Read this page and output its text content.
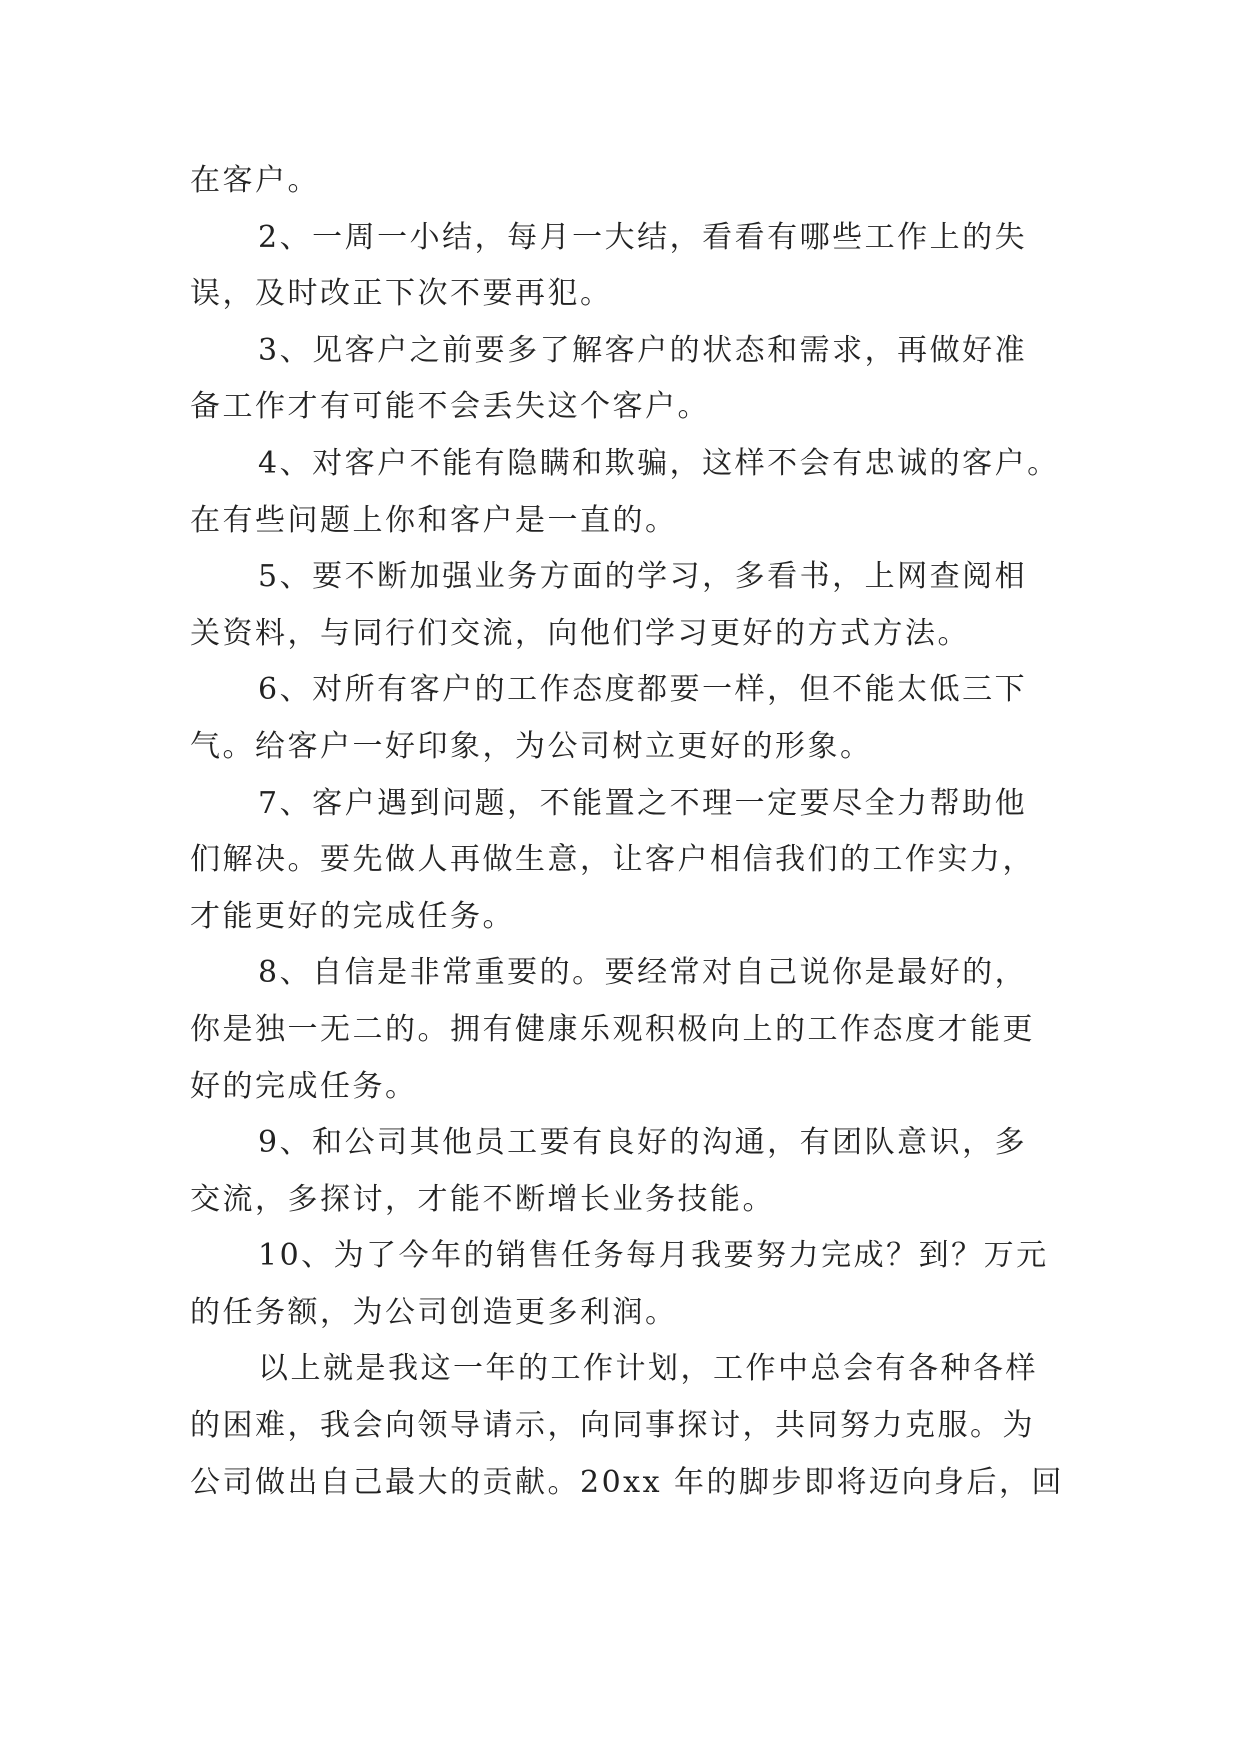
在客户。
2、一周一小结，每月一大结，看看有哪些工作上的失
误，及时改正下次不要再犯。
3、见客户之前要多了解客户的状态和需求，再做好准
备工作才有可能不会丢失这个客户。
4、对客户不能有隐瞒和欺骗，这样不会有忠诚的客户。
在有些问题上你和客户是一直的。
5、要不断加强业务方面的学习，多看书，上网查阅相
关资料，与同行们交流，向他们学习更好的方式方法。
6、对所有客户的工作态度都要一样，但不能太低三下
气。给客户一好印象，为公司树立更好的形象。
7、客户遇到问题，不能置之不理一定要尽全力帮助他
们解决。要先做人再做生意，让客户相信我们的工作实力，
才能更好的完成任务。
8、自信是非常重要的。要经常对自己说你是最好的，
你是独一无二的。拥有健康乐观积极向上的工作态度才能更
好的完成任务。
9、和公司其他员工要有良好的沟通，有团队意识，多
交流，多探讨，才能不断增长业务技能。
10、为了今年的销售任务每月我要努力完成？到？万元
的任务额，为公司创造更多利润。
以上就是我这一年的工作计划，工作中总会有各种各样
的困难，我会向领导请示，向同事探讨，共同努力克服。为
公司做出自己最大的贡献。20xx 年的脚步即将迈向身后，回
